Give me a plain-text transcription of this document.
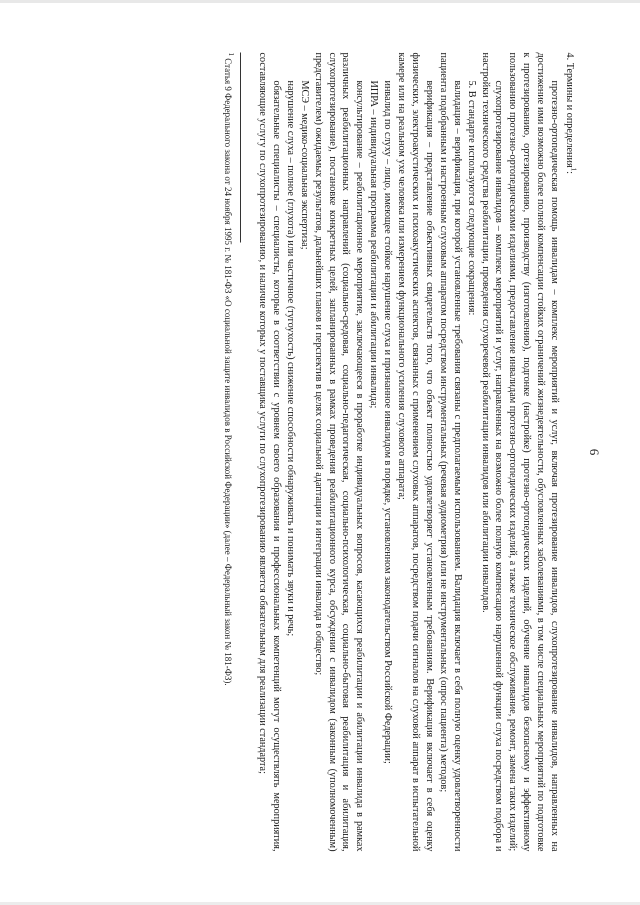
6

4. Термины и определения$^1$:

протезно-ортопедическая помощь инвалидам – комплекс мероприятий и услуг, включая протезирование инвалидов, слухопротезирование инвалидов, направленных на достижение ими возможно более полной компенсации стойких ограничений жизнедеятельности, обусловленных заболеваниями, в том числе специальных мероприятий по подготовке к протезированию, ортезированию, производству (изготовлению), подгонке (настройке) протезно-ортопедических изделий, обучение инвалидов безопасному и эффективному пользованию протезно-ортопедическими изделиями, предоставление инвалидам протезно-ортопедических изделий, а также техническое обслуживание, ремонт, замена таких изделий;

слухопротезирование инвалидов – комплекс мероприятий и услуг, направленных на возможно более полную компенсацию нарушенной функции слуха посредством подбора и настройки технического средства реабилитации, проведения слухоречевой реабилитации инвалидов или абилитации инвалидов.

5. В стандарте используются следующие сокращения:

валидация – верификация, при которой установленные требования связаны с предполагаемым использованием. Валидация включает в себя полную оценку удовлетворенности пациента подобранным и настроенным слуховым аппаратом посредством инструментальных (речевая аудиометрия) или не инструментальных (опрос пациента) методов;

верификация – представление объективных свидетельств того, что объект полностью удовлетворяет установленным требованиям. Верификация включает в себя оценку физических, электроакустических и психоакустических аспектов, связанных с применением слуховых аппаратов, посредством подачи сигналов на слуховой аппарат в испытательной камере или на реальном ухе человека или измерением функционального усиления слухового аппарата;

инвалид по слуху – лицо, имеющее стойкое нарушение слуха и признанное инвалидом в порядке, установленном законодательством Российской Федерации;

ИПРА – индивидуальная программа реабилитации и абилитации инвалида;

консультирование – реабилитационное мероприятие, заключающееся в проработке индивидуальных вопросов, касающихся реабилитации и абилитации инвалида в рамках различных реабилитационных направлений (социально-средовая, социально-педагогическая, социально-психологическая, социально-бытовая реабилитация и абилитация, слухопротезирование), постановке конкретных целей, запланированных в рамках проведения реабилитационного курса, обсуждении с инвалидом (законным (уполномоченным) представителем) ожидаемых результатов, дальнейших планов и перспектив в целях социальной адаптации и интеграции инвалида в общество;

МСЭ – медико-социальная экспертиза;

нарушение слуха – полное (глухота) или частичное (тугоухость) снижение способности обнаруживать и понимать звуки и речь;

обязательные специалисты – специалисты, которые в соответствии с уровнем своего образования и профессиональных компетенций могут осуществлять мероприятия, составляющие услугу по слухопротезированию, и наличие которых у поставщика услуги по слухопротезированию является обязательным для реализации стандарта;

$^1$ Статья 9 Федерального закона от 24 ноября 1995 г. № 181-ФЗ «О социальной защите инвалидов в Российской Федерации» (далее – Федеральный закон № 181-ФЗ).
